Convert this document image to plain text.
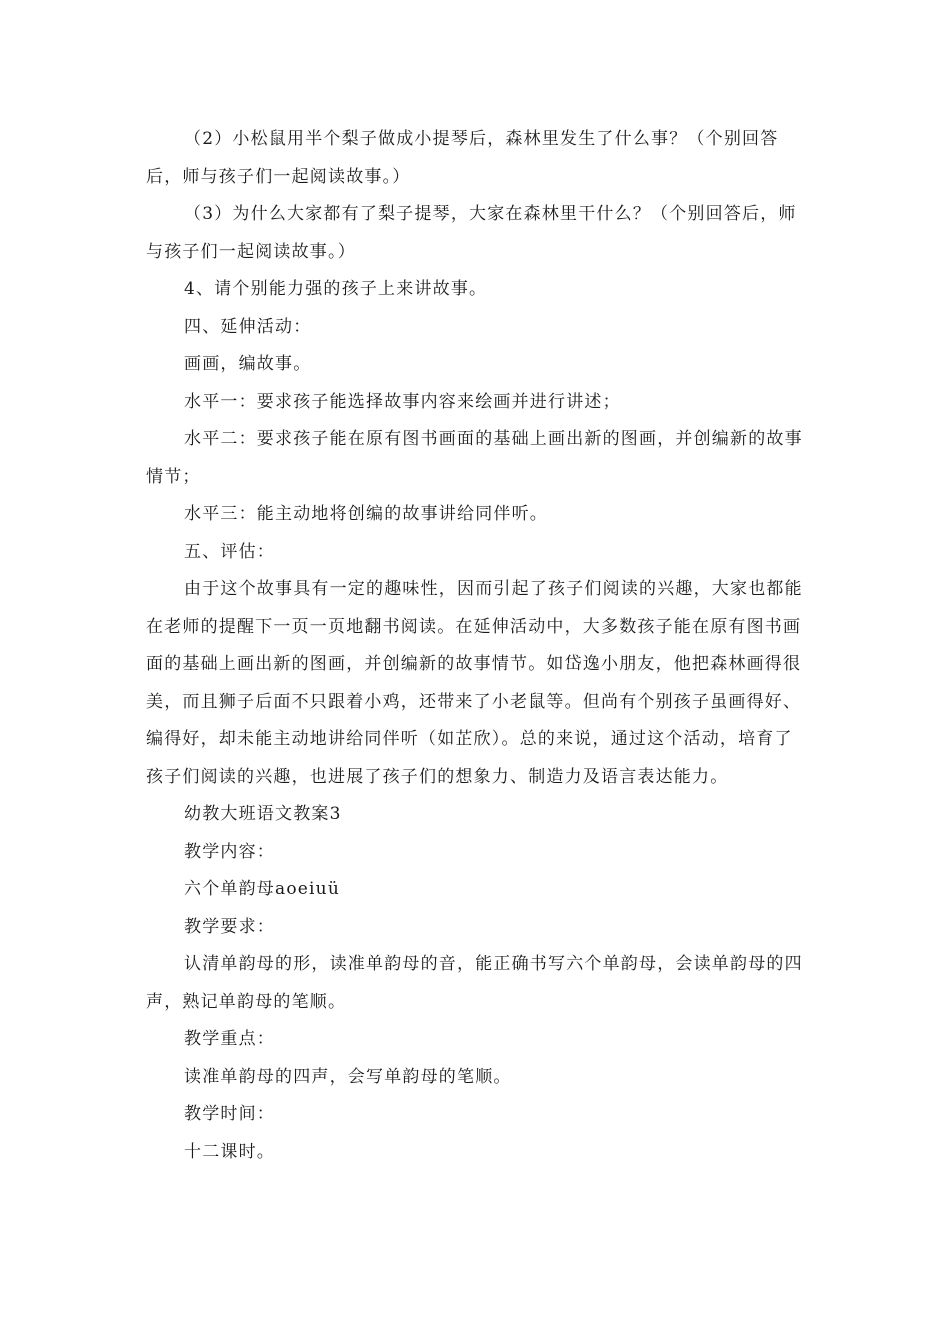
（2）小松鼠用半个梨子做成小提琴后，森林里发生了什么事？（个别回答后，师与孩子们一起阅读故事。）

（3）为什么大家都有了梨子提琴，大家在森林里干什么？（个别回答后，师与孩子们一起阅读故事。）

4、请个别能力强的孩子上来讲故事。

四、延伸活动：

画画，编故事。

水平一：要求孩子能选择故事内容来绘画并进行讲述；

水平二：要求孩子能在原有图书画面的基础上画出新的图画，并创编新的故事情节；

水平三：能主动地将创编的故事讲给同伴听。

五、评估：

由于这个故事具有一定的趣味性，因而引起了孩子们阅读的兴趣，大家也都能在老师的提醒下一页一页地翻书阅读。在延伸活动中，大多数孩子能在原有图书画面的基础上画出新的图画，并创编新的故事情节。如岱逸小朋友，他把森林画得很美，而且狮子后面不只跟着小鸡，还带来了小老鼠等。但尚有个别孩子虽画得好、编得好，却未能主动地讲给同伴听（如芷欣）。总的来说，通过这个活动，培育了孩子们阅读的兴趣，也进展了孩子们的想象力、制造力及语言表达能力。

幼教大班语文教案3

教学内容：

六个单韵母aoeiuü

教学要求：

认清单韵母的形，读准单韵母的音，能正确书写六个单韵母，会读单韵母的四声，熟记单韵母的笔顺。

教学重点：

读准单韵母的四声，会写单韵母的笔顺。

教学时间：

十二课时。
